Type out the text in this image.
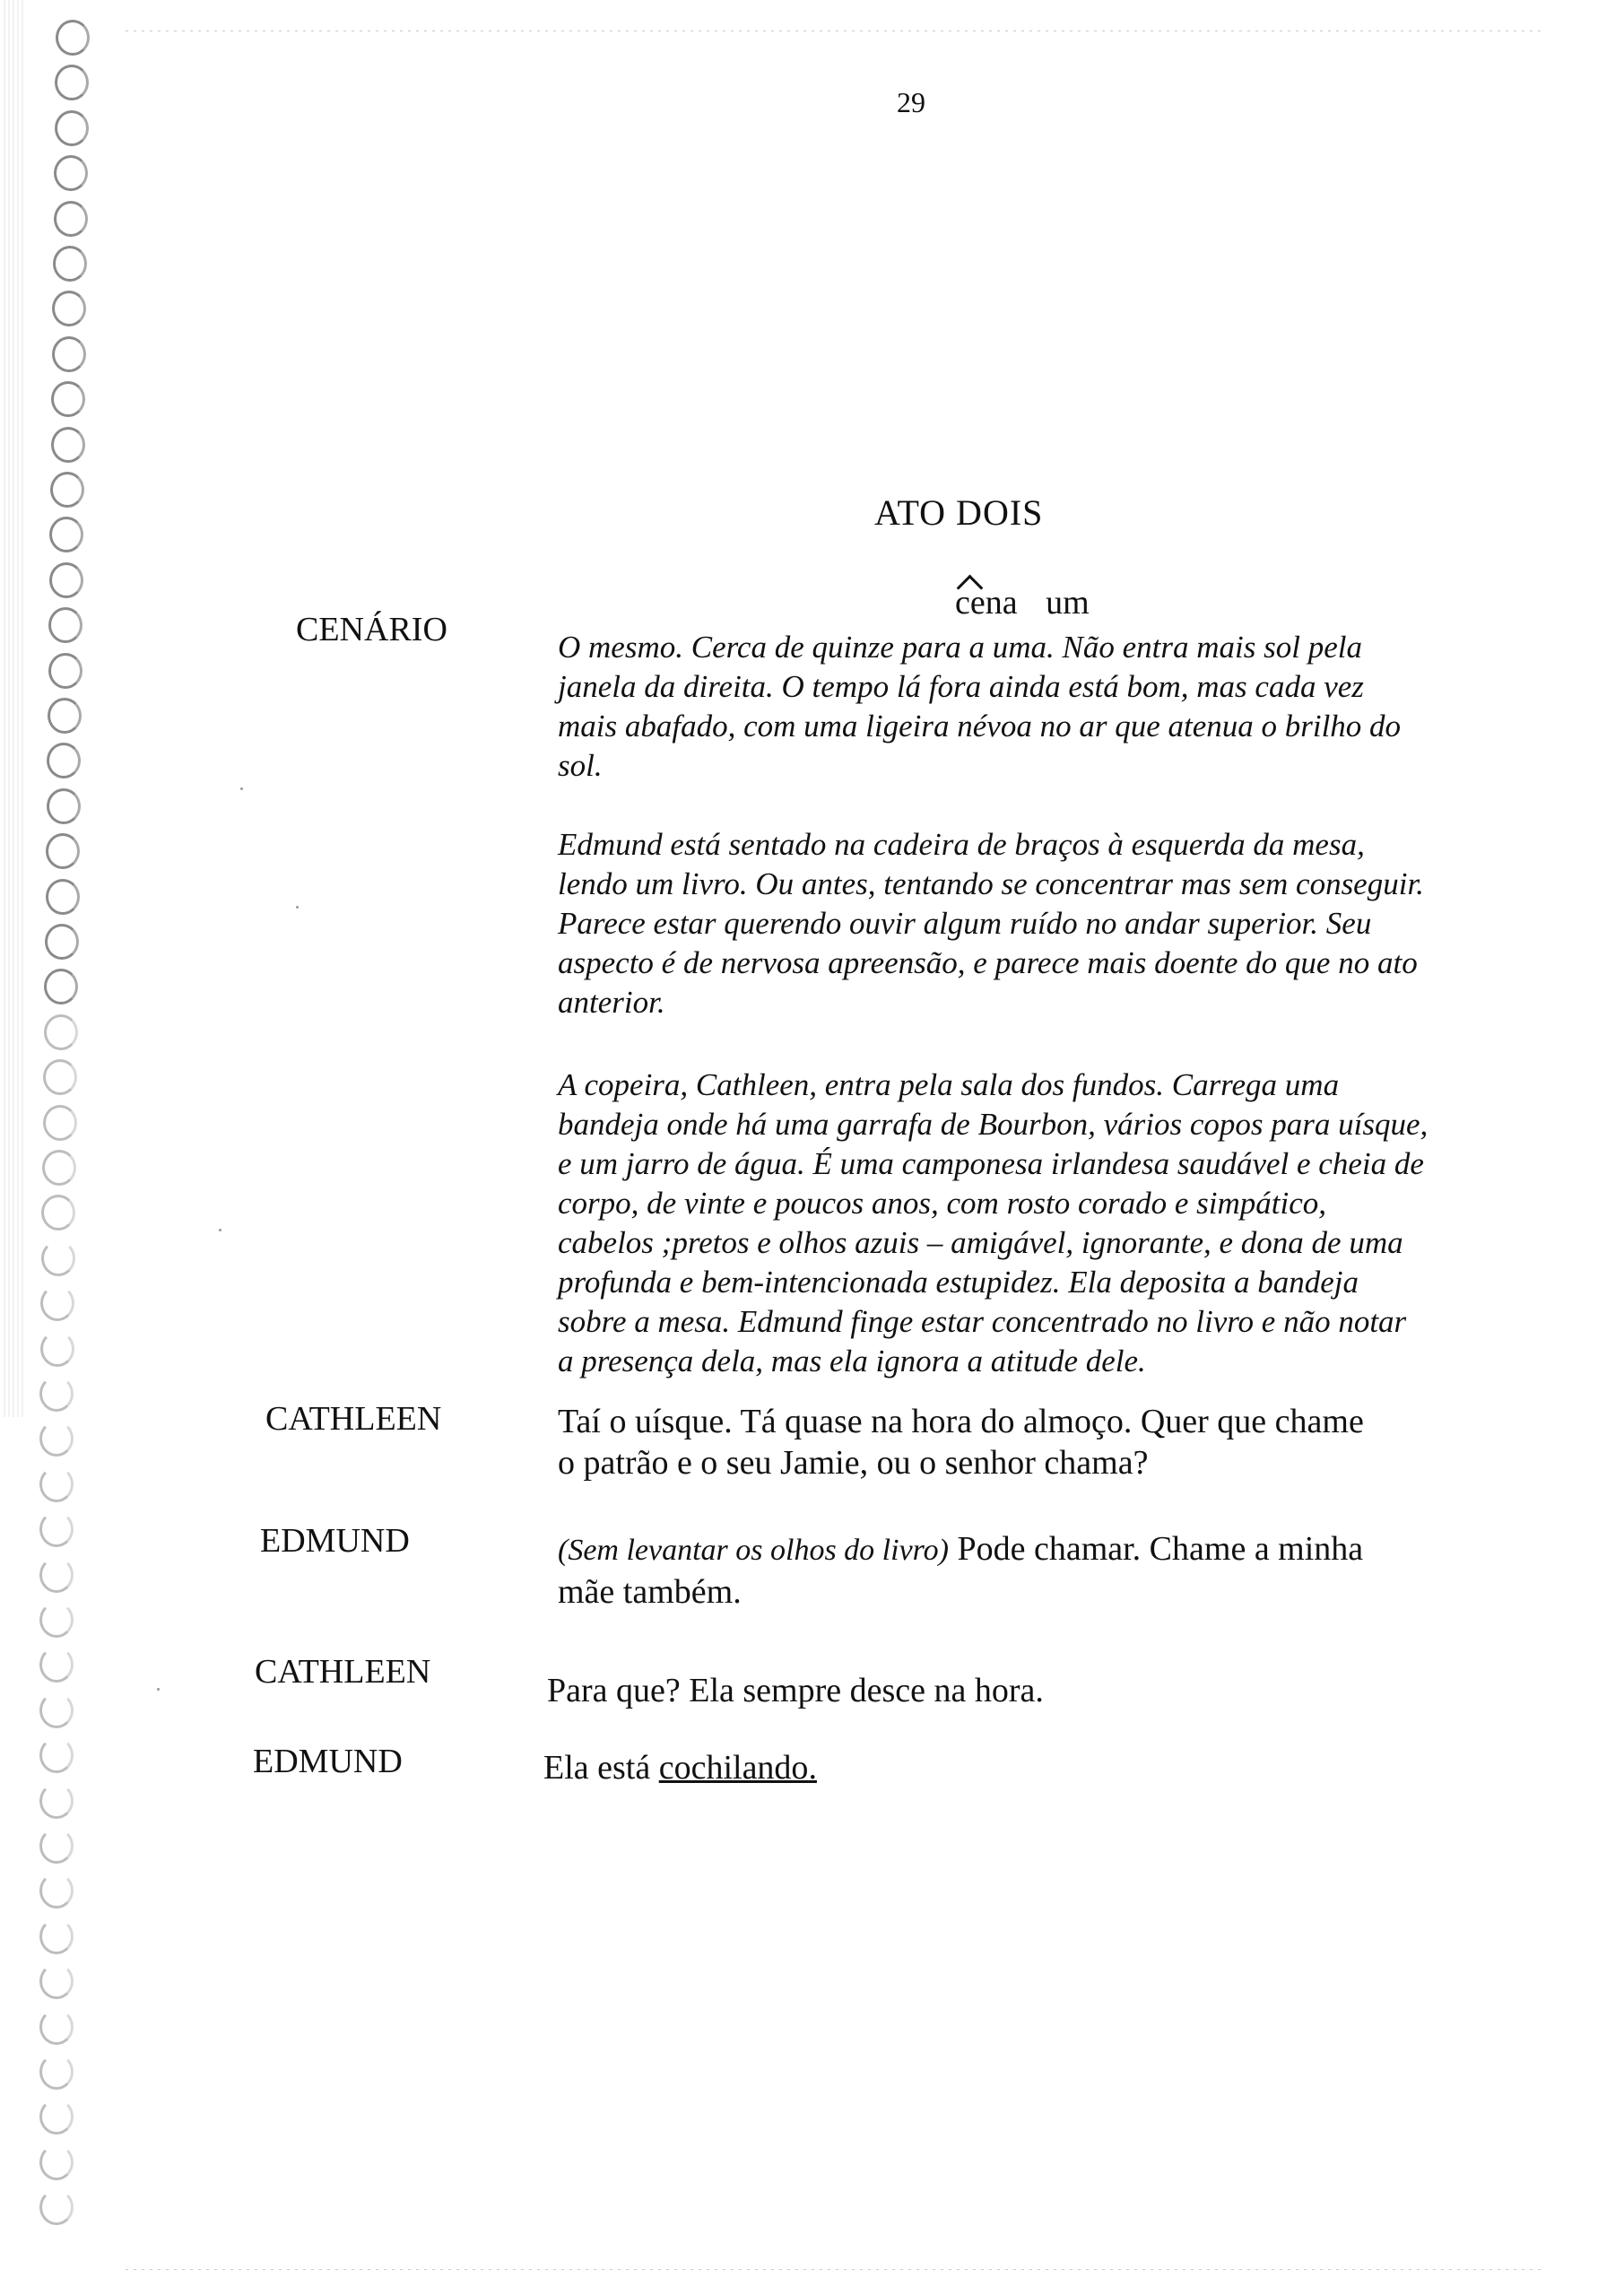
29

ATO DOIS
cena um

CENÁRIO	O mesmo. Cerca de quinze para a uma. Não entra mais sol pela
janela da direita. O tempo lá fora ainda está bom, mas cada vez
mais abafado, com uma ligeira névoa no ar que atenua o brilho do
sol.
Edmund está sentado na cadeira de braços à esquerda da mesa,
lendo um livro. Ou antes, tentando se concentrar mas sem conseguir.
Parece estar querendo ouvir algum ruído no andar superior. Seu
aspecto é de nervosa apreensão, e parece mais doente do que no ato
anterior.
A copeira, Cathleen, entra pela sala dos fundos. Carrega uma
bandeja onde há uma garrafa de Bourbon, vários copos para uísque,
e um jarro de água. É uma camponesa irlandesa saudável e cheia de
corpo, de vinte e poucos anos, com rosto corado e simpático,
cabelos ;pretos e olhos azuis – amigável, ignorante, e dona de uma
profunda e bem-intencionada estupidez. Ela deposita a bandeja
sobre a mesa. Edmund finge estar concentrado no livro e não notar
a presença dela, mas ela ignora a atitude dele.

CATHLEEN	Taí o uísque. Tá quase na hora do almoço. Quer que chame
o patrão e o seu Jamie, ou o senhor chama?

EDMUND	(Sem levantar os olhos do livro) Pode chamar. Chame a minha
mãe também.

CATHLEEN	Para que? Ela sempre desce na hora.

EDMUND	Ela está cochilando.
